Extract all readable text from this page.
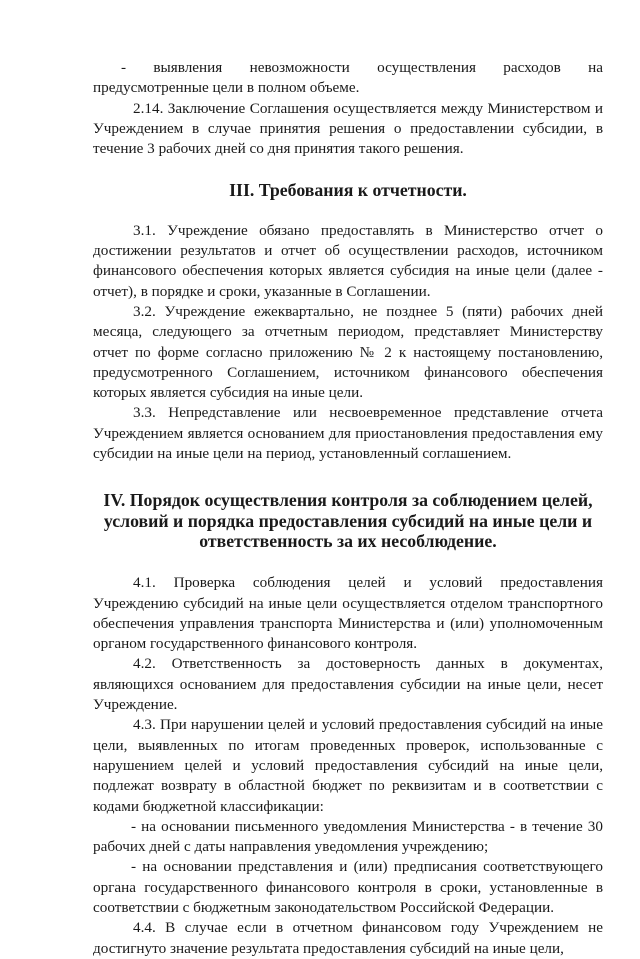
- выявления невозможности осуществления расходов на предусмотренные цели в полном объеме.

2.14. Заключение Соглашения осуществляется между Министерством и Учреждением в случае принятия решения о предоставлении субсидии, в течение 3 рабочих дней со дня принятия такого решения.

III. Требования к отчетности.

3.1. Учреждение обязано предоставлять в Министерство отчет о достижении результатов и отчет об осуществлении расходов, источником финансового обеспечения которых является субсидия на иные цели (далее - отчет), в порядке и сроки, указанные в Соглашении.

3.2. Учреждение ежеквартально, не позднее 5 (пяти) рабочих дней месяца, следующего за отчетным периодом, представляет Министерству отчет по форме согласно приложению № 2 к настоящему постановлению, предусмотренного Соглашением, источником финансового обеспечения которых является субсидия на иные цели.

3.3. Непредставление или несвоевременное представление отчета Учреждением является основанием для приостановления предоставления ему субсидии на иные цели на период, установленный соглашением.

IV. Порядок осуществления контроля за соблюдением целей, условий и порядка предоставления субсидий на иные цели и ответственность за их несоблюдение.

4.1. Проверка соблюдения целей и условий предоставления Учреждению субсидий на иные цели осуществляется отделом транспортного обеспечения управления транспорта Министерства и (или) уполномоченным органом государственного финансового контроля.

4.2. Ответственность за достоверность данных в документах, являющихся основанием для предоставления субсидии на иные цели, несет Учреждение.

4.3. При нарушении целей и условий предоставления субсидий на иные цели, выявленных по итогам проведенных проверок, использованные с нарушением целей и условий предоставления субсидий на иные цели, подлежат возврату в областной бюджет по реквизитам и в соответствии с кодами бюджетной классификации:

- на основании письменного уведомления Министерства - в течение 30 рабочих дней с даты направления уведомления учреждению;

- на основании представления и (или) предписания соответствующего органа государственного финансового контроля в сроки, установленные в соответствии с бюджетным законодательством Российской Федерации.

4.4. В случае если в отчетном финансовом году Учреждением не достигнуто значение результата предоставления субсидий на иные цели,
